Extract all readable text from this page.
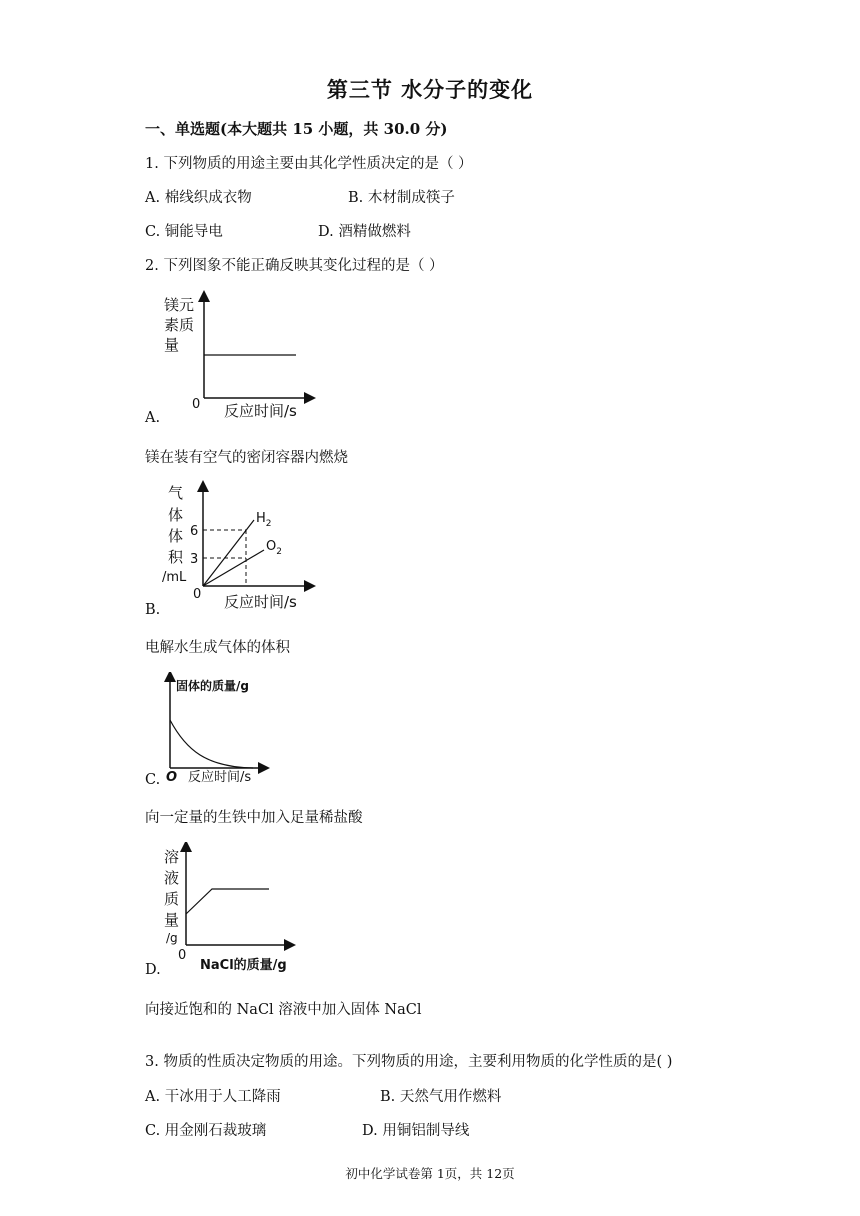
第三节 水分子的变化
一、单选题(本大题共 15 小题，共 30.0 分)
1. 下列物质的用途主要由其化学性质决定的是（ ）
A. 棉线织成衣物	B. 木材制成筷子
C. 铜能导电	D. 酒精做燃料
2. 下列图象不能正确反映其变化过程的是（ ）
镁元
素质
量
0 反应时间/s
A.
镁在装有空气的密闭容器内燃烧
6
3
$H_2$
$O_2$
气
体
体
积
/mL
0 反应时间/s
B.
电解水生成气体的体积
固体的质量/g
O 反应时间/s
C.
向一定量的生铁中加入足量稀盐酸
溶
液
质
量
/g
0
NaCl的质量/g
D.
向接近饱和的 NaCl 溶液中加入固体 NaCl
3. 物质的性质决定物质的用途。下列物质的用途，主要利用物质的化学性质的是( )
A. 干冰用于人工降雨	B. 天然气用作燃料
C. 用金刚石裁玻璃	D. 用铜铝制导线
初中化学试卷第 1页，共 12页
